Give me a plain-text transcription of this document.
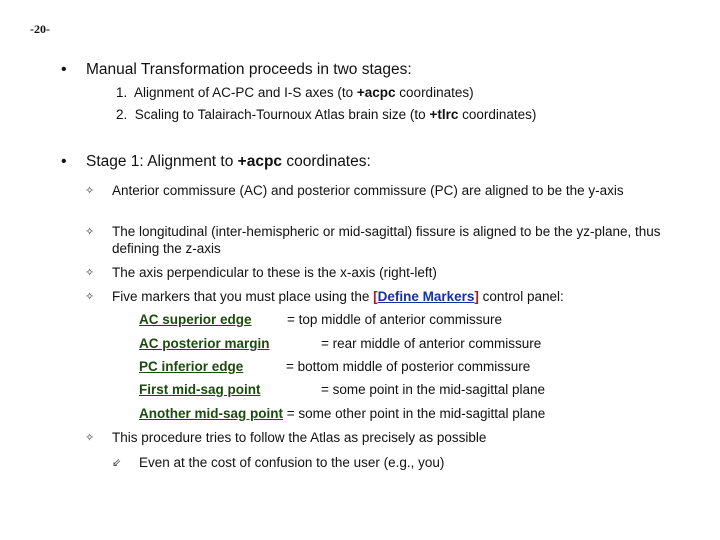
-20-
• Manual Transformation proceeds in two stages:
1. Alignment of AC-PC and I-S axes (to +acpc coordinates)
2. Scaling to Talairach-Tournoux Atlas brain size (to +tlrc coordinates)
• Stage 1: Alignment to +acpc coordinates:
✧ Anterior commissure (AC) and posterior commissure (PC) are aligned to be the y-axis
✧ The longitudinal (inter-hemispheric or mid-sagittal) fissure is aligned to be the yz-plane, thus defining the z-axis
✧ The axis perpendicular to these is the x-axis (right-left)
✧ Five markers that you must place using the [Define Markers] control panel:
AC superior edge	= top middle of anterior commissure
AC posterior margin	= rear middle of anterior commissure
PC inferior edge	= bottom middle of posterior commissure
First mid-sag point	= some point in the mid-sagittal plane
Another mid-sag point = some other point in the mid-sagittal plane
✧ This procedure tries to follow the Atlas as precisely as possible
⇙ Even at the cost of confusion to the user (e.g., you)
